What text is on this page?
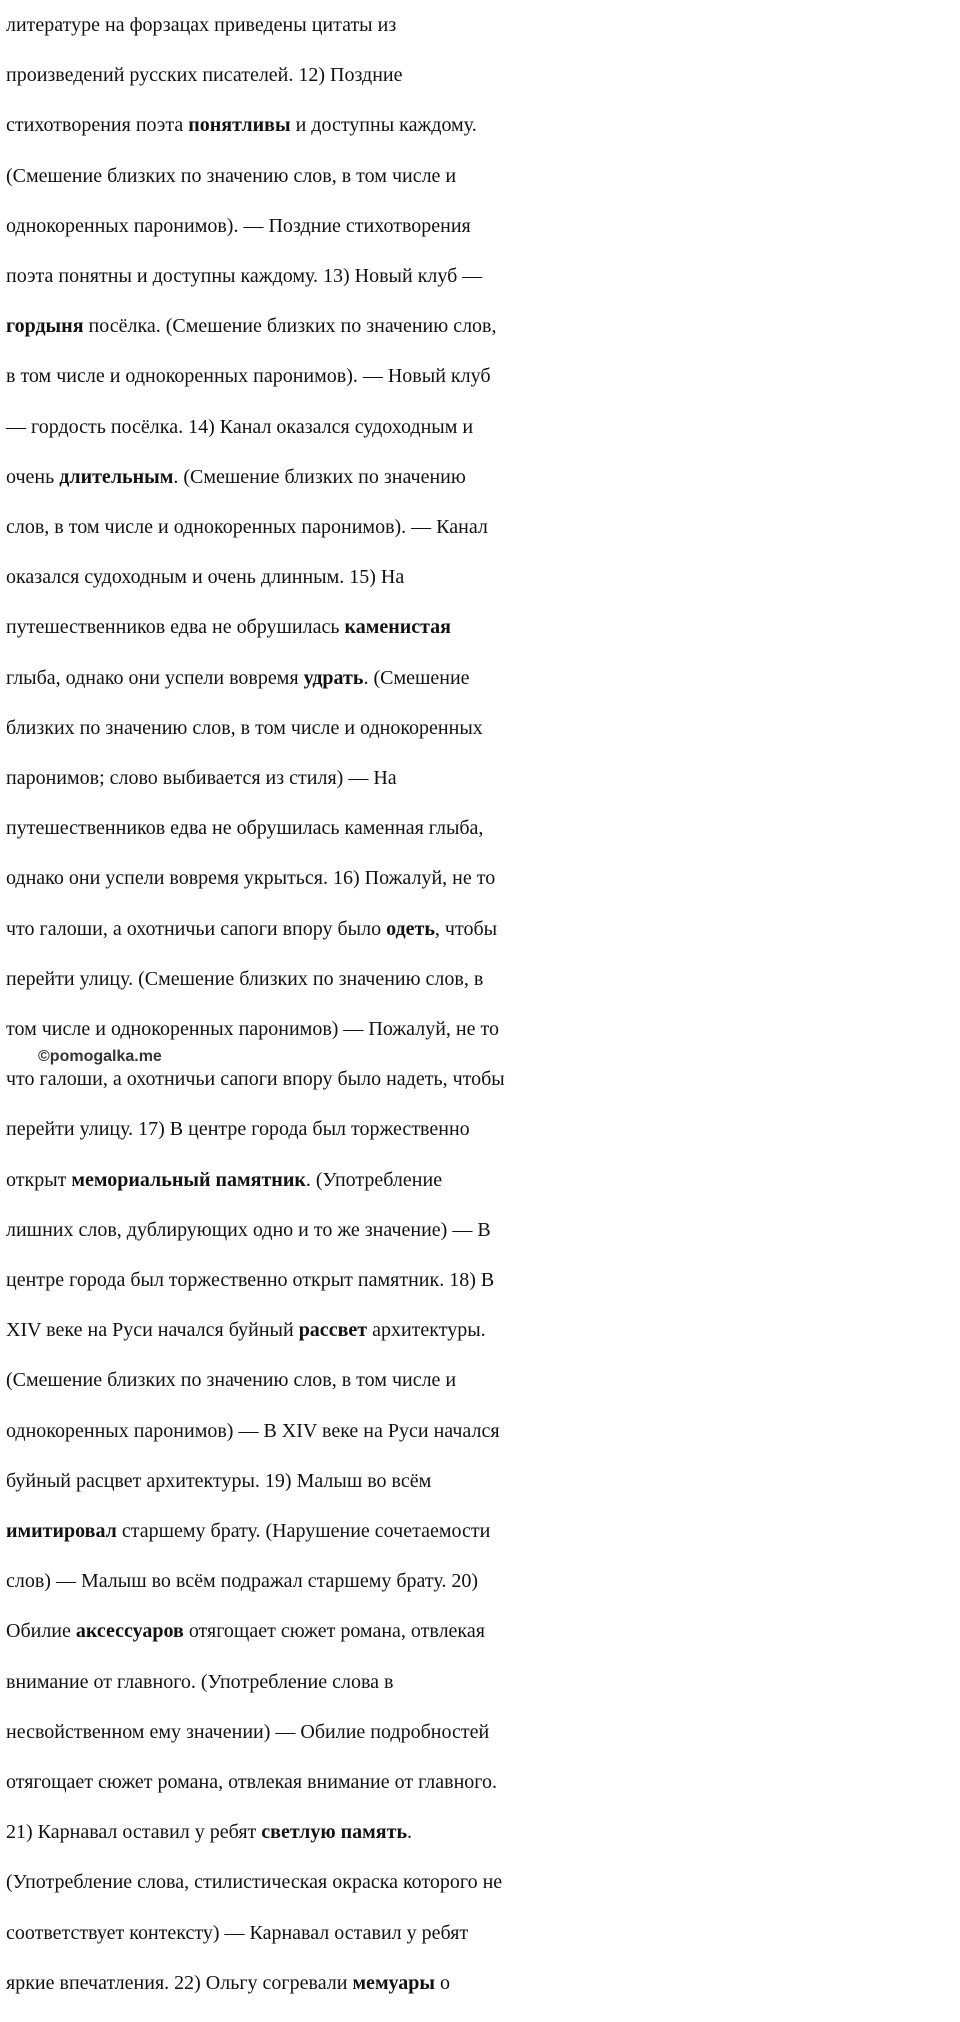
литературе на форзацах приведены цитаты из
произведений русских писателей. 12) Поздние
стихотворения поэта понятливы и доступны каждому.
(Смешение близких по значению слов, в том числе и
однокоренных паронимов). — Поздние стихотворения
поэта понятны и доступны каждому. 13) Новый клуб —
гордыня посёлка. (Смешение близких по значению слов,
в том числе и однокоренных паронимов). — Новый клуб
— гордость посёлка. 14) Канал оказался судоходным и
очень длительным. (Смешение близких по значению
слов, в том числе и однокоренных паронимов). — Канал
оказался судоходным и очень длинным. 15) На
путешественников едва не обрушилась каменистая
глыба, однако они успели вовремя удрать. (Смешение
близких по значению слов, в том числе и однокоренных
паронимов; слово выбивается из стиля) — На
путешественников едва не обрушилась каменная глыба,
однако они успели вовремя укрыться. 16) Пожалуй, не то
что галоши, а охотничьи сапоги впору было одеть, чтобы
перейти улицу. (Смешение близких по значению слов, в
том числе и однокоренных паронимов) — Пожалуй, не то
что галоши, а охотничьи сапоги впору было надеть, чтобы
перейти улицу. 17) В центре города был торжественно
открыт мемориальный памятник. (Употребление
лишних слов, дублирующих одно и то же значение) — В
центре города был торжественно открыт памятник. 18) В
XIV веке на Руси начался буйный рассвет архитектуры.
(Смешение близких по значению слов, в том числе и
однокоренных паронимов) — В XIV веке на Руси начался
буйный расцвет архитектуры. 19) Малыш во всём
имитировал старшему брату. (Нарушение сочетаемости
слов) — Малыш во всём подражал старшему брату. 20)
Обилие аксессуаров отягощает сюжет романа, отвлекая
внимание от главного. (Употребление слова в
несвойственном ему значении) — Обилие подробностей
отягощает сюжет романа, отвлекая внимание от главного.
21) Карнавал оставил у ребят светлую память.
(Употребление слова, стилистическая окраска которого не
соответствует контексту) — Карнавал оставил у ребят
яркие впечатления. 22) Ольгу согревали мемуары о
©pomogalka.me
